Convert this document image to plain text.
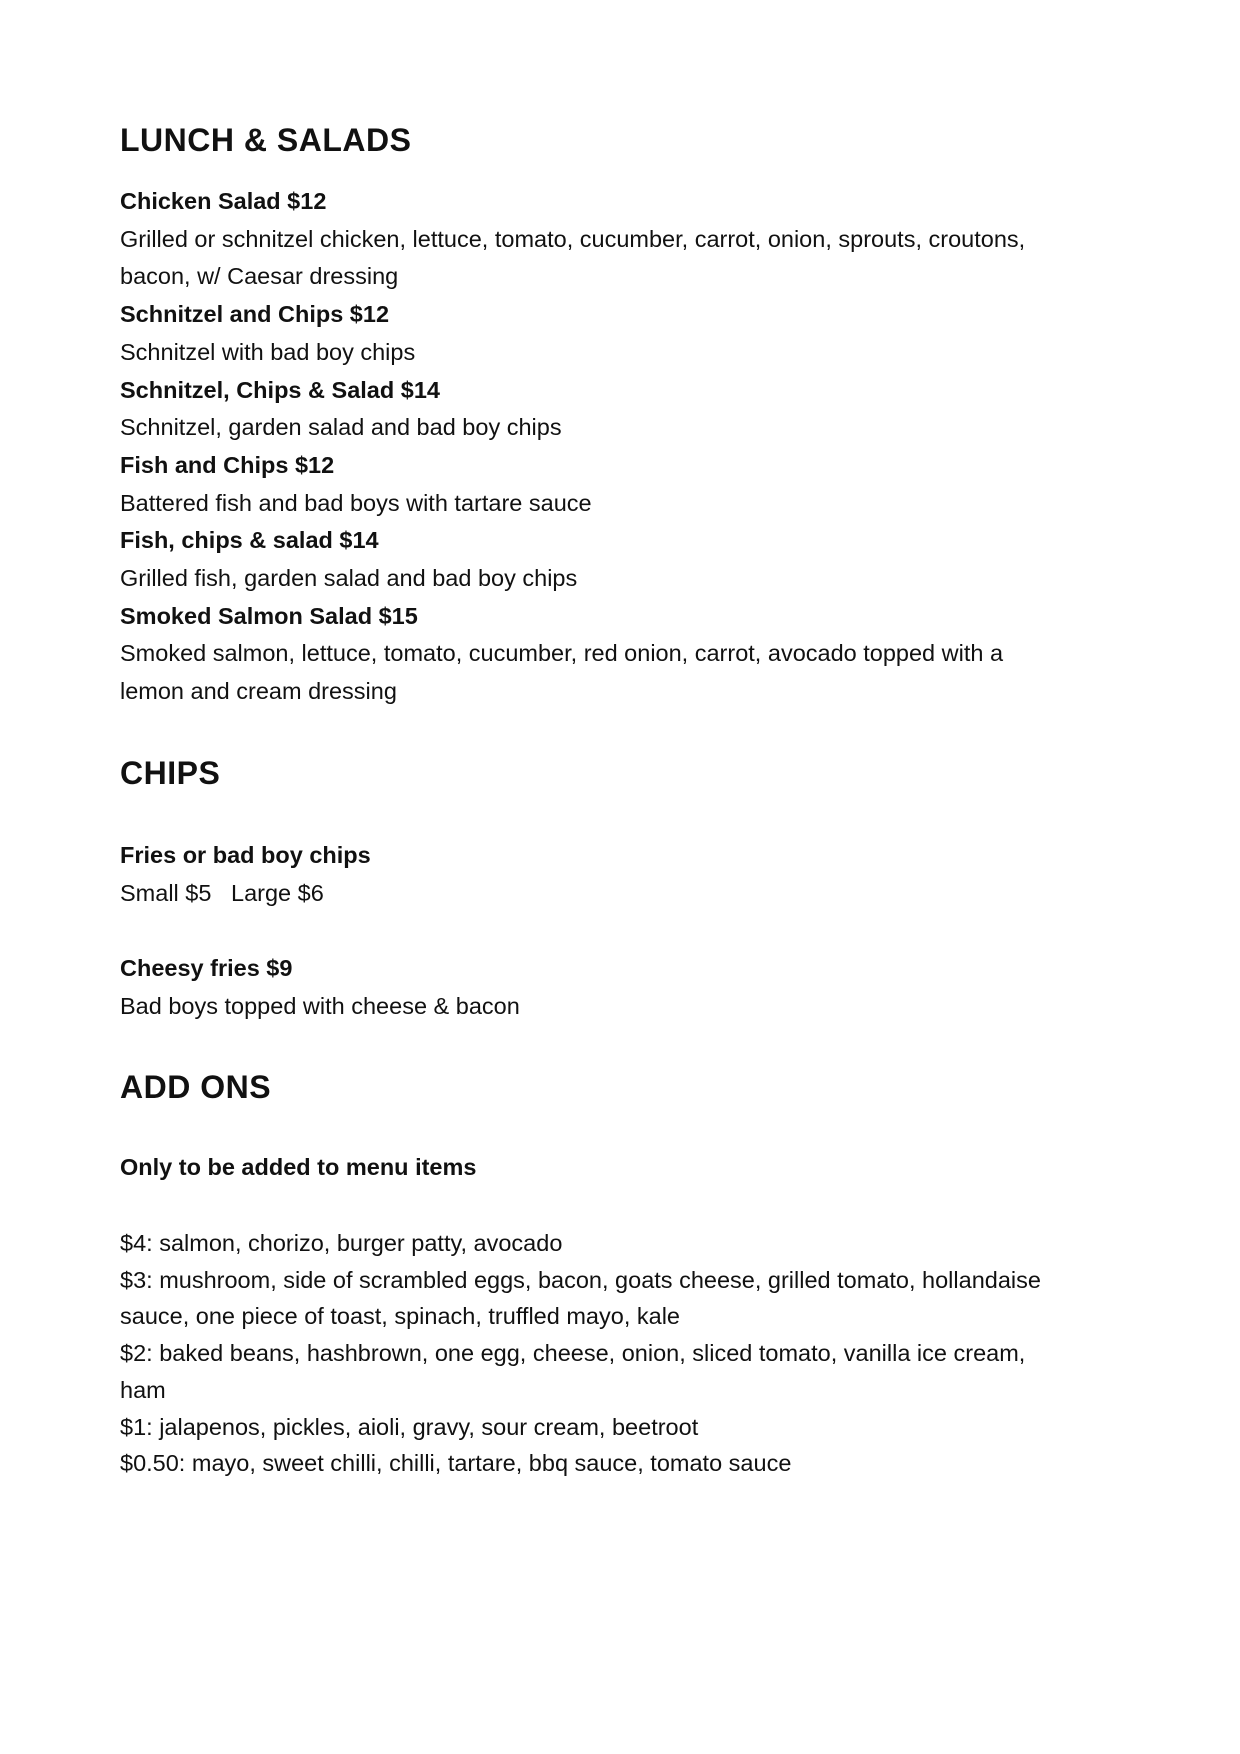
LUNCH & SALADS
Chicken Salad $12
Grilled or schnitzel chicken, lettuce, tomato, cucumber, carrot, onion, sprouts, croutons, bacon, w/ Caesar dressing
Schnitzel and Chips $12
Schnitzel with bad boy chips
Schnitzel, Chips & Salad $14
Schnitzel, garden salad and bad boy chips
Fish and Chips $12
Battered fish and bad boys with tartare sauce
Fish, chips & salad $14
Grilled fish, garden salad and bad boy chips
Smoked Salmon Salad $15
Smoked salmon, lettuce, tomato, cucumber, red onion, carrot, avocado topped with a lemon and cream dressing
CHIPS
Fries or bad boy chips
Small $5   Large $6
Cheesy fries $9
Bad boys topped with cheese & bacon
ADD ONS
Only to be added to menu items
$4: salmon, chorizo, burger patty, avocado
$3: mushroom, side of scrambled eggs, bacon, goats cheese, grilled tomato, hollandaise sauce, one piece of toast, spinach, truffled mayo, kale
$2: baked beans, hashbrown, one egg, cheese, onion, sliced tomato, vanilla ice cream, ham
$1: jalapenos, pickles, aioli, gravy, sour cream, beetroot
$0.50: mayo, sweet chilli, chilli, tartare, bbq sauce, tomato sauce
